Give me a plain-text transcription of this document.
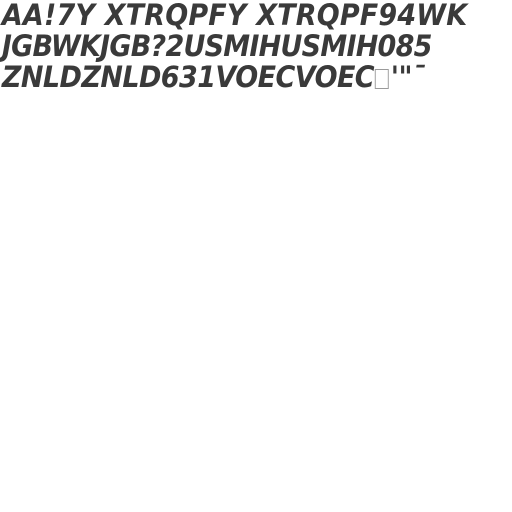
AA!7Y XTRQPFY XTRQPF94WK
JGBWKJGB?2USMIHUSMIH085
ZNLDZNLD631VOECVOEC '"¯
